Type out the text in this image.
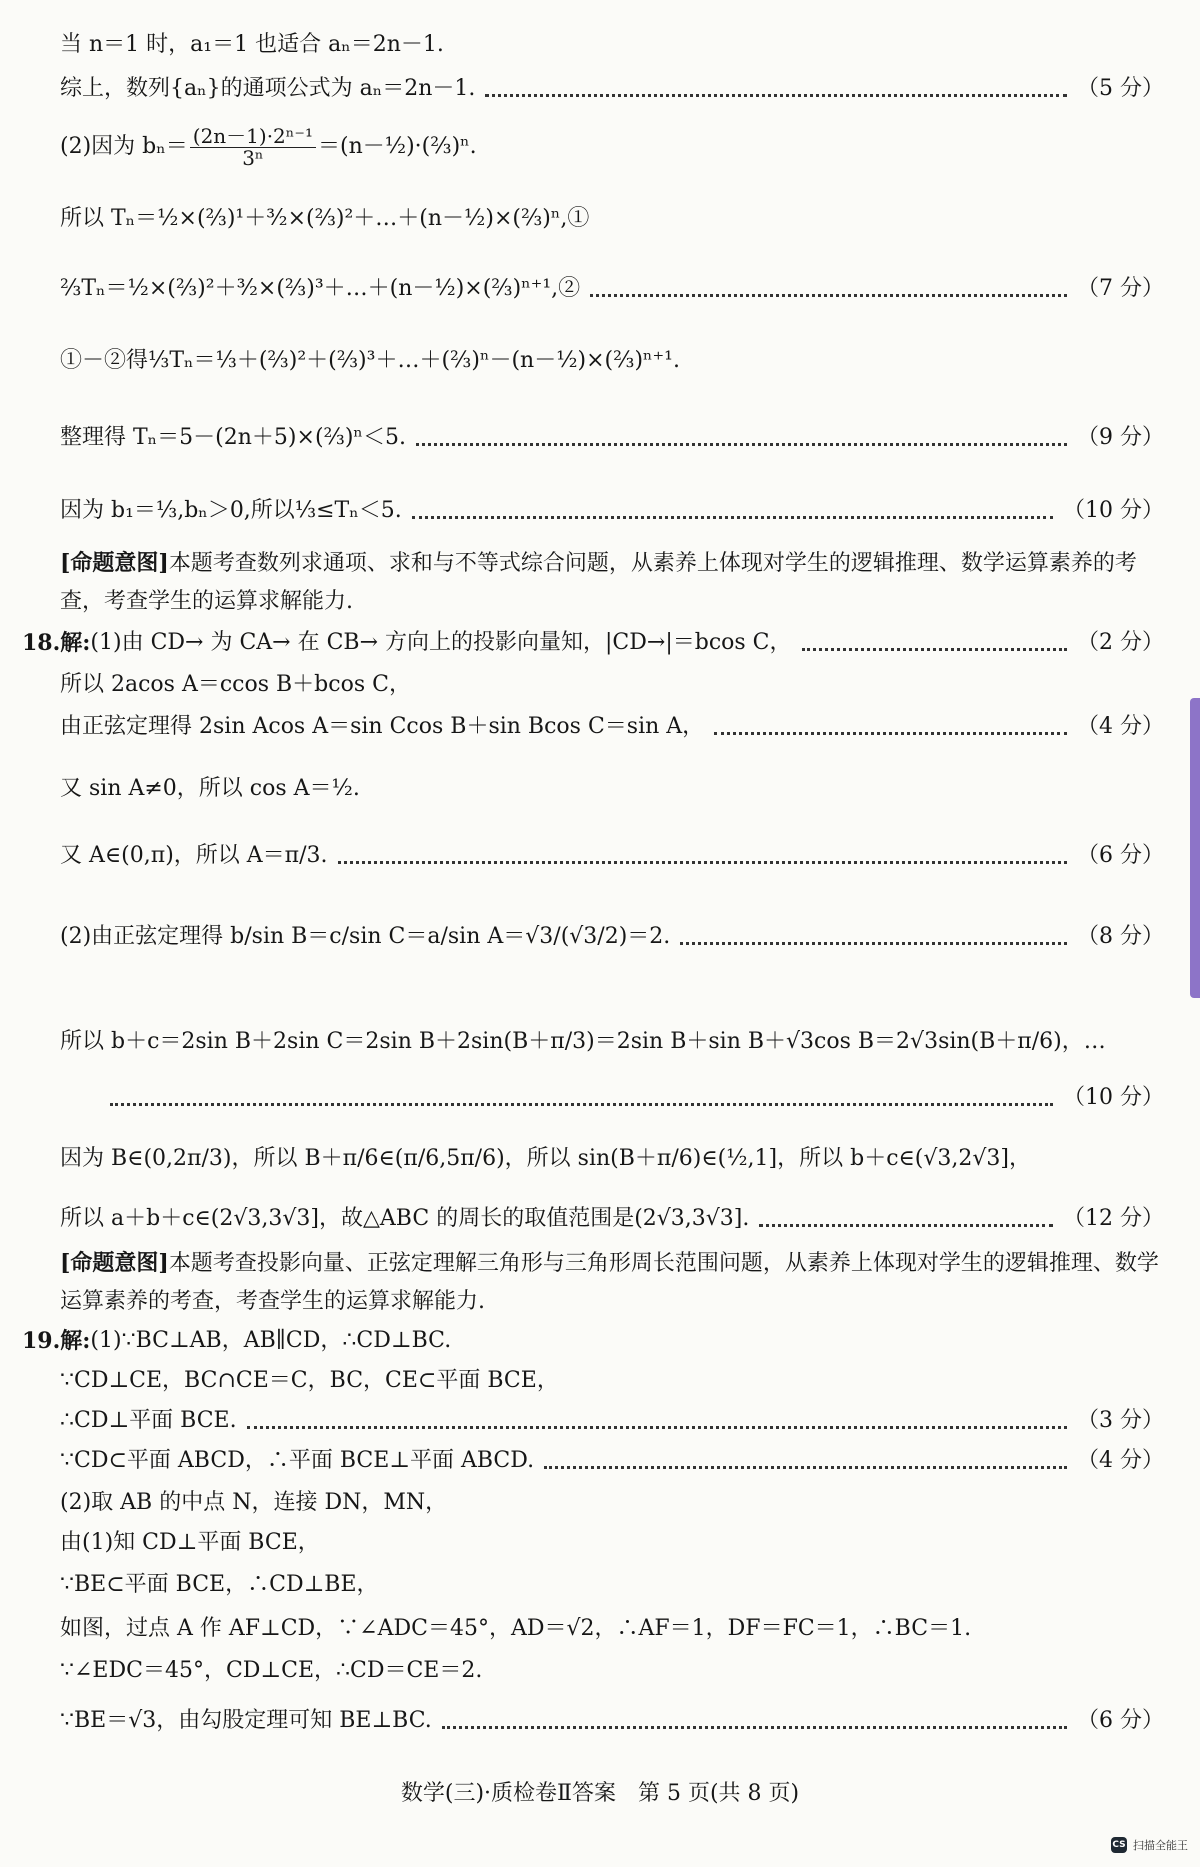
当 n＝1 时，a₁＝1 也适合 aₙ＝2n－1.
综上，数列{aₙ}的通项公式为 aₙ＝2n－1.	（5 分）
(2)因为 $b_n= \frac{\text{(2n－1)·2ⁿ⁻¹}}{\text{3ⁿ}}$ ＝(n－½)·(⅔)ⁿ.
所以 Tₙ＝½×(⅔)¹＋³⁄₂×(⅔)²＋…＋(n－½)×(⅔)ⁿ,①
⅔Tₙ＝½×(⅔)²＋³⁄₂×(⅔)³＋…＋(n－½)×(⅔)ⁿ⁺¹,②	（7 分）
①－②得⅓Tₙ＝⅓＋(⅔)²＋(⅔)³＋…＋(⅔)ⁿ－(n－½)×(⅔)ⁿ⁺¹.
整理得 Tₙ＝5－(2n＋5)×(⅔)ⁿ＜5.	（9 分）
因为 b₁＝⅓,bₙ＞0,所以⅓≤Tₙ＜5.	（10 分）
[命题意图]本题考查数列求通项、求和与不等式综合问题，从素养上体现对学生的逻辑推理、数学运算素养的考查，考查学生的运算求解能力.
18. 解: (1)由 CD→ 为 CA→ 在 CB→ 方向上的投影向量知，|CD→|＝bcos C，	（2 分）
所以 2acos A＝ccos B＋bcos C，
由正弦定理得 2sin Acos A＝sin Ccos B＋sin Bcos C＝sin A，	（4 分）
又 sin A≠0，所以 cos A＝½.
又 A∈(0,π)，所以 A＝π/3.	（6 分）
(2)由正弦定理得 b/sin B＝c/sin C＝a/sin A＝√3/(√3/2)＝2.	（8 分）
所以 b＋c＝2sin B＋2sin C＝2sin B＋2sin(B＋π/3)＝2sin B＋sin B＋√3cos B＝2√3sin(B＋π/6)，…
（10 分）
因为 B∈(0,2π/3)，所以 B＋π/6∈(π/6,5π/6)，所以 sin(B＋π/6)∈(½,1]，所以 b＋c∈(√3,2√3]，
所以 a＋b＋c∈(2√3,3√3]，故△ABC 的周长的取值范围是(2√3,3√3].	（12 分）
[命题意图]本题考查投影向量、正弦定理解三角形与三角形周长范围问题，从素养上体现对学生的逻辑推理、数学运算素养的考查，考查学生的运算求解能力.
19. 解: (1)∵BC⊥AB，AB∥CD，∴CD⊥BC.
∵CD⊥CE，BC∩CE＝C，BC，CE⊂平面 BCE，
∴CD⊥平面 BCE.	（3 分）
∵CD⊂平面 ABCD，∴平面 BCE⊥平面 ABCD.	（4 分）
(2)取 AB 的中点 N，连接 DN，MN，
由(1)知 CD⊥平面 BCE，
∵BE⊂平面 BCE，∴CD⊥BE，
如图，过点 A 作 AF⊥CD，∵∠ADC＝45°，AD＝√2，∴AF＝1，DF＝FC＝1，∴BC＝1.
∵∠EDC＝45°，CD⊥CE，∴CD＝CE＝2.
∵BE＝√3，由勾股定理可知 BE⊥BC.	（6 分）
数学(三)·质检卷Ⅱ答案　第 5 页(共 8 页)
CS 扫描全能王
